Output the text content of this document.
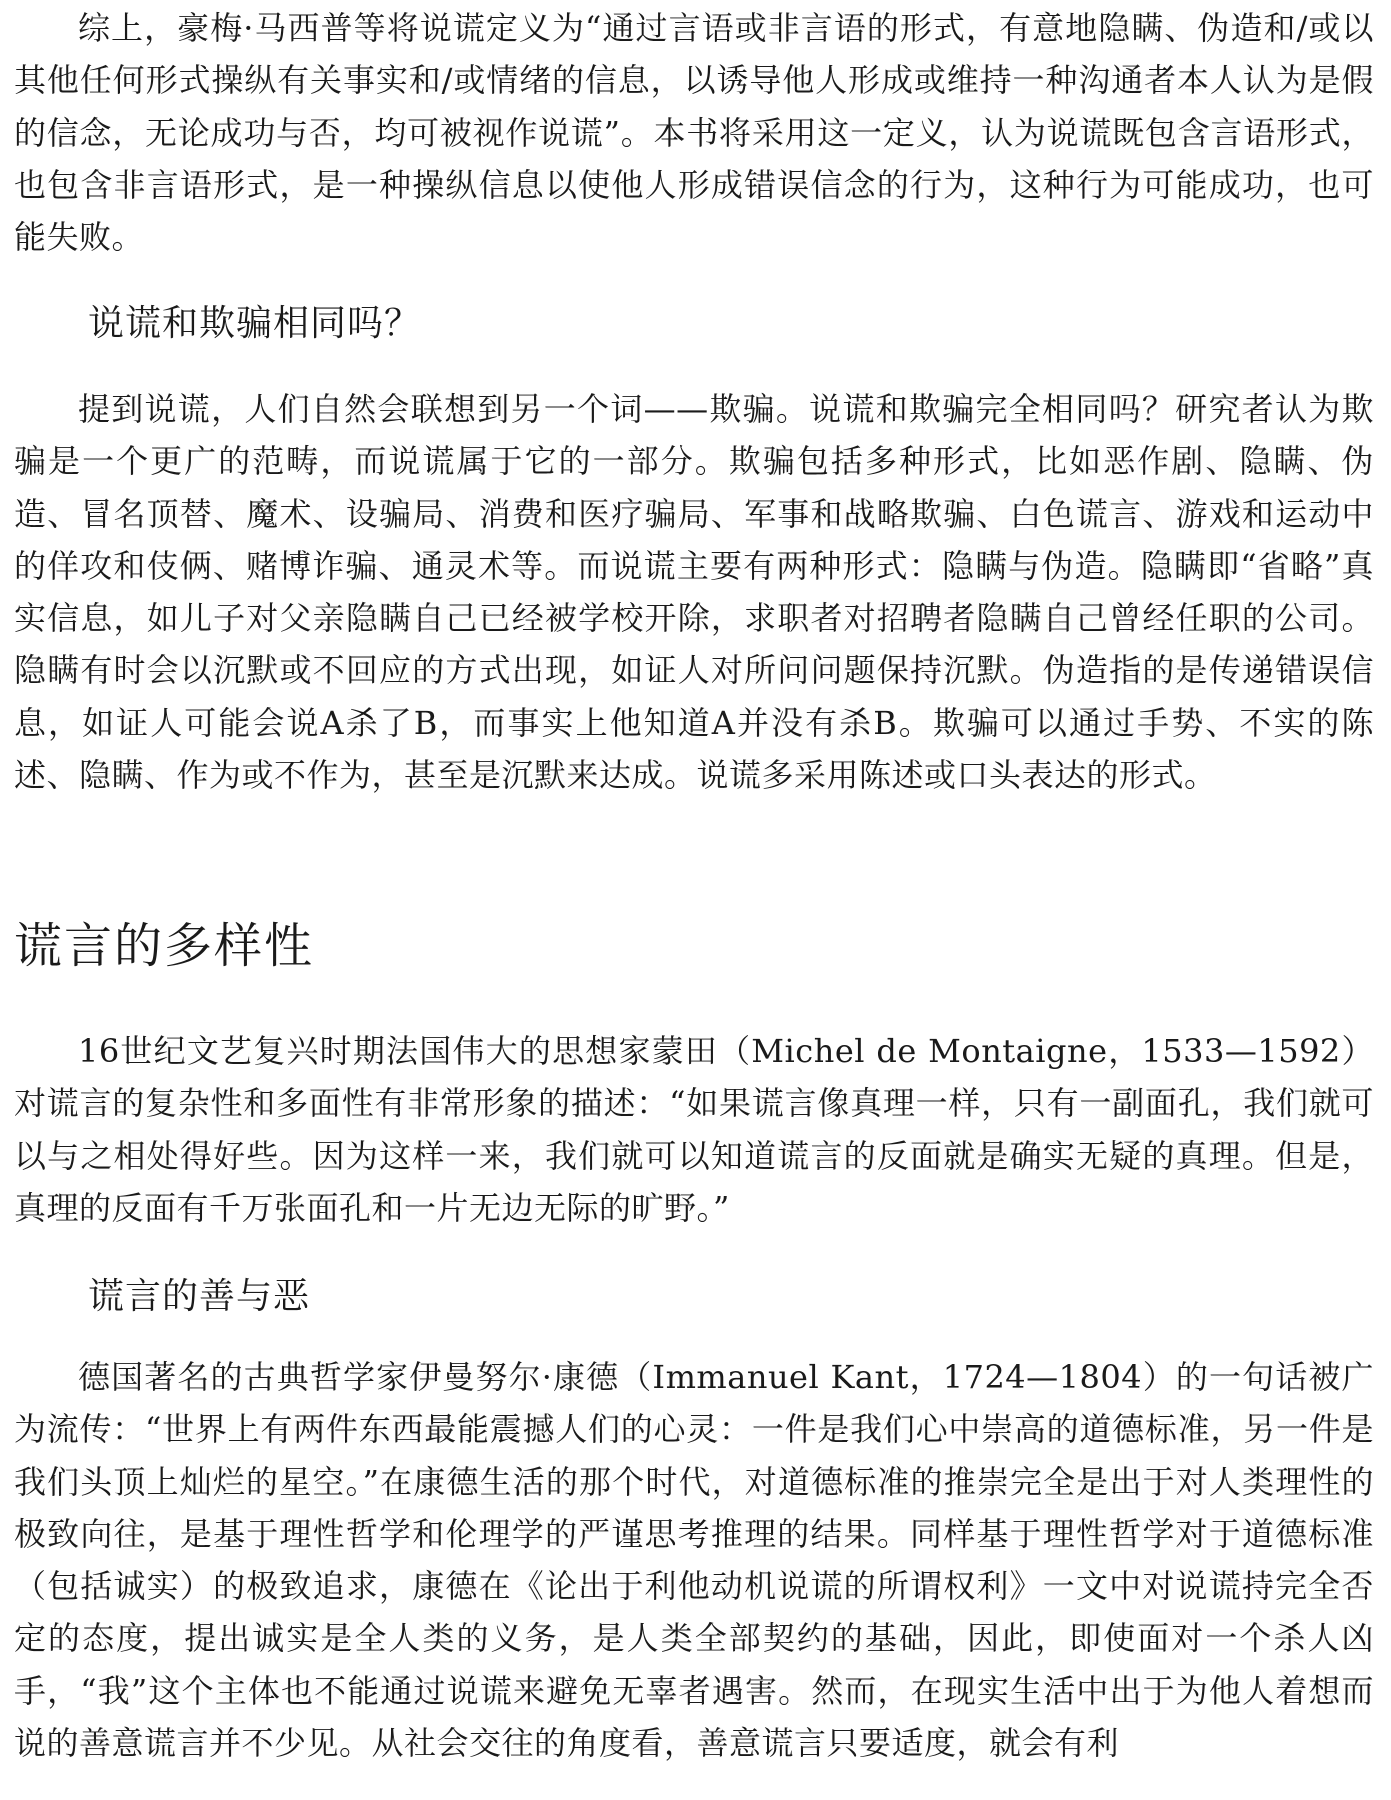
综上，豪梅·马西普等将说谎定义为“通过言语或非言语的形式，有意地隐瞒、伪造和/或以其他任何形式操纵有关事实和/或情绪的信息，以诱导他人形成或维持一种沟通者本人认为是假的信念，无论成功与否，均可被视作说谎”。本书将采用这一定义，认为说谎既包含言语形式，也包含非言语形式，是一种操纵信息以使他人形成错误信念的行为，这种行为可能成功，也可能失败。

说谎和欺骗相同吗？

提到说谎，人们自然会联想到另一个词——欺骗。说谎和欺骗完全相同吗？研究者认为欺骗是一个更广的范畴，而说谎属于它的一部分。欺骗包括多种形式，比如恶作剧、隐瞒、伪造、冒名顶替、魔术、设骗局、消费和医疗骗局、军事和战略欺骗、白色谎言、游戏和运动中的佯攻和伎俩、赌博诈骗、通灵术等。而说谎主要有两种形式：隐瞒与伪造。隐瞒即“省略”真实信息，如儿子对父亲隐瞒自己已经被学校开除，求职者对招聘者隐瞒自己曾经任职的公司。隐瞒有时会以沉默或不回应的方式出现，如证人对所问问题保持沉默。伪造指的是传递错误信息，如证人可能会说A杀了B，而事实上他知道A并没有杀B。欺骗可以通过手势、不实的陈述、隐瞒、作为或不作为，甚至是沉默来达成。说谎多采用陈述或口头表达的形式。

谎言的多样性

16世纪文艺复兴时期法国伟大的思想家蒙田（Michel de Montaigne，1533—1592）对谎言的复杂性和多面性有非常形象的描述：“如果谎言像真理一样，只有一副面孔，我们就可以与之相处得好些。因为这样一来，我们就可以知道谎言的反面就是确实无疑的真理。但是，真理的反面有千万张面孔和一片无边无际的旷野。”

谎言的善与恶

德国著名的古典哲学家伊曼努尔·康德（Immanuel Kant，1724—1804）的一句话被广为流传：“世界上有两件东西最能震撼人们的心灵：一件是我们心中崇高的道德标准，另一件是我们头顶上灿烂的星空。”在康德生活的那个时代，对道德标准的推崇完全是出于对人类理性的极致向往，是基于理性哲学和伦理学的严谨思考推理的结果。同样基于理性哲学对于道德标准（包括诚实）的极致追求，康德在《论出于利他动机说谎的所谓权利》一文中对说谎持完全否定的态度，提出诚实是全人类的义务，是人类全部契约的基础，因此，即使面对一个杀人凶手，“我”这个主体也不能通过说谎来避免无辜者遇害。然而，在现实生活中出于为他人着想而说的善意谎言并不少见。从社会交往的角度看，善意谎言只要适度，就会有利
